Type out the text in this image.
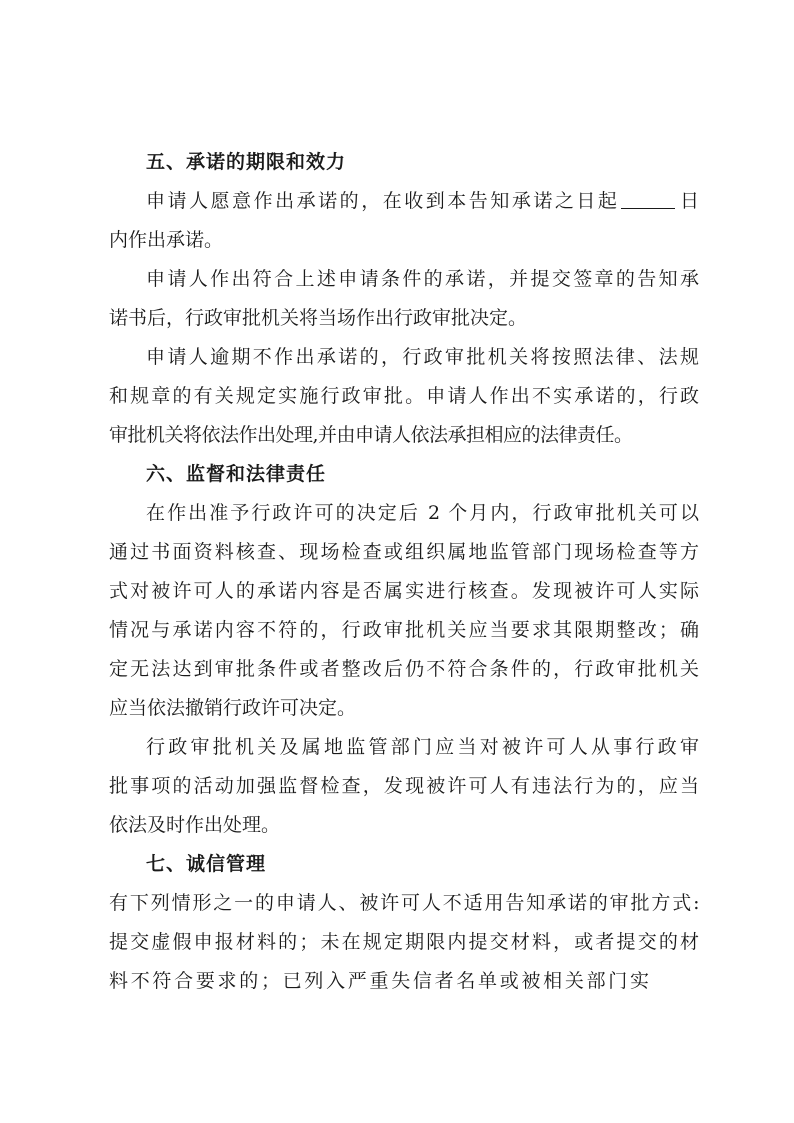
五、承诺的期限和效力
申请人愿意作出承诺的，在收到本告知承诺之日起	日
内作出承诺。
申请人作出符合上述申请条件的承诺，并提交签章的告知承
诺书后，行政审批机关将当场作出行政审批决定。
申请人逾期不作出承诺的，行政审批机关将按照法律、法规
和规章的有关规定实施行政审批。申请人作出不实承诺的，行政
审批机关将依法作出处理,并由申请人依法承担相应的法律责任。
六、监督和法律责任
在作出准予行政许可的决定后 2 个月内，行政审批机关可以
通过书面资料核查、现场检查或组织属地监管部门现场检查等方
式对被许可人的承诺内容是否属实进行核查。发现被许可人实际
情况与承诺内容不符的，行政审批机关应当要求其限期整改；确
定无法达到审批条件或者整改后仍不符合条件的，行政审批机关
应当依法撤销行政许可决定。
行政审批机关及属地监管部门应当对被许可人从事行政审
批事项的活动加强监督检查，发现被许可人有违法行为的，应当
依法及时作出处理。
七、诚信管理
有下列情形之一的申请人、被许可人不适用告知承诺的审批方式:
提交虚假申报材料的；未在规定期限内提交材料，或者提交的材
料不符合要求的；已列入严重失信者名单或被相关部门实
